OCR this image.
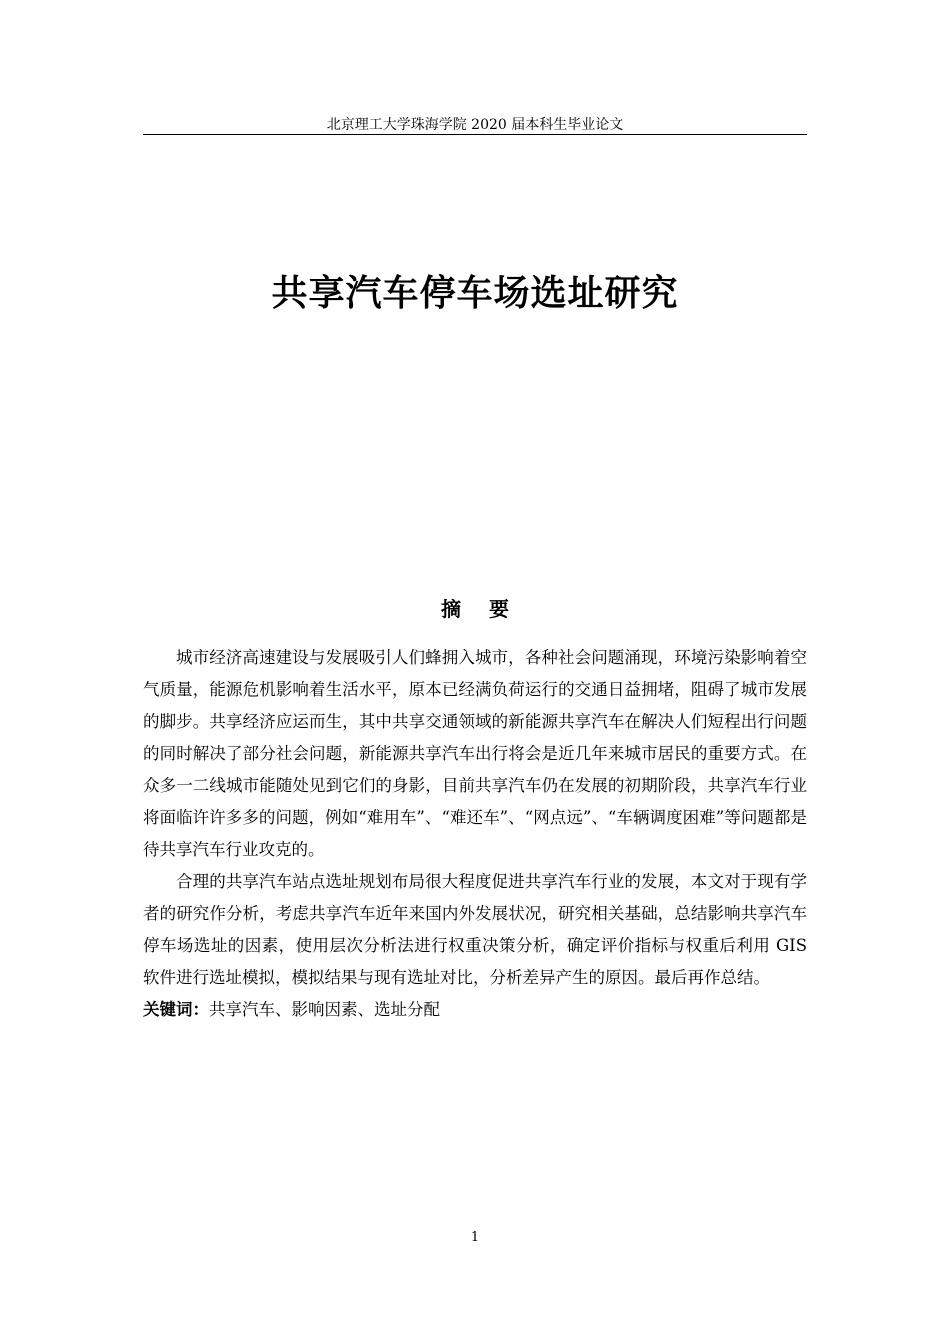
北京理工大学珠海学院 2020 届本科生毕业论文
共享汽车停车场选址研究
摘 要

城市经济高速建设与发展吸引人们蜂拥入城市，各种社会问题涌现，环境污染影响着空气质量，能源危机影响着生活水平，原本已经满负荷运行的交通日益拥堵，阻碍了城市发展的脚步。共享经济应运而生，其中共享交通领域的新能源共享汽车在解决人们短程出行问题的同时解决了部分社会问题，新能源共享汽车出行将会是近几年来城市居民的重要方式。在众多一二线城市能随处见到它们的身影，目前共享汽车仍在发展的初期阶段，共享汽车行业将面临许许多多的问题，例如“难用车”、“难还车”、“网点远”、“车辆调度困难”等问题都是待共享汽车行业攻克的。

合理的共享汽车站点选址规划布局很大程度促进共享汽车行业的发展，本文对于现有学者的研究作分析，考虑共享汽车近年来国内外发展状况，研究相关基础，总结影响共享汽车停车场选址的因素，使用层次分析法进行权重决策分析，确定评价指标与权重后利用 GIS 软件进行选址模拟，模拟结果与现有选址对比，分析差异产生的原因。最后再作总结。

关键词：共享汽车、影响因素、选址分配

1
